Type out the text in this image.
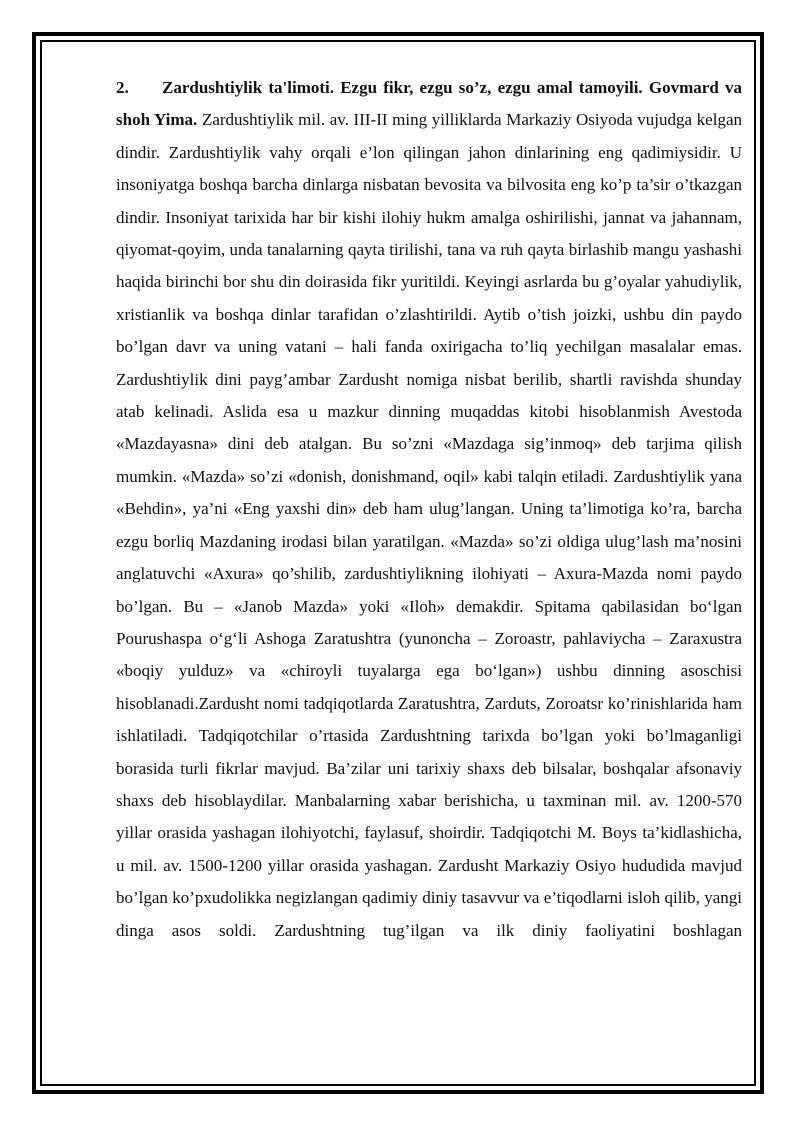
2. Zardushtiylik ta'limoti. Ezgu fikr, ezgu so’z, ezgu amal tamoyili. Govmard va shoh Yima. Zardushtiylik mil. av. III-II ming yilliklarda Markaziy Osiyoda vujudga kelgan dindir. Zardushtiylik vahy orqali e’lon qilingan jahon dinlarining eng qadimiysidir. U insoniyatga boshqa barcha dinlarga nisbatan bevosita va bilvosita eng ko’p ta’sir o’tkazgan dindir. Insoniyat tarixida har bir kishi ilohiy hukm amalga oshirilishi, jannat va jahannam, qiyomat-qoyim, unda tanalarning qayta tirilishi, tana va ruh qayta birlashib mangu yashashi haqida birinchi bor shu din doirasida fikr yuritildi. Keyingi asrlarda bu g’oyalar yahudiylik, xristianlik va boshqa dinlar tarafidan o’zlashtirildi. Aytib o’tish joizki, ushbu din paydo bo’lgan davr va uning vatani – hali fanda oxirigacha to’liq yechilgan masalalar emas. Zardushtiylik dini payg’ambar Zardusht nomiga nisbat berilib, shartli ravishda shunday atab kelinadi. Aslida esa u mazkur dinning muqaddas kitobi hisoblanmish Avestoda «Mazdayasna» dini deb atalgan. Bu so’zni «Mazdaga sig’inmoq» deb tarjima qilish mumkin. «Mazda» so’zi «donish, donishmand, oqil» kabi talqin etiladi. Zardushtiylik yana «Behdin», ya’ni «Eng yaxshi din» deb ham ulug’langan. Uning ta’limotiga ko’ra, barcha ezgu borliq Mazdaning irodasi bilan yaratilgan. «Mazda» so’zi oldiga ulug’lash ma’nosini anglatuvchi «Axura» qo’shilib, zardushtiylikning ilohiyati – Axura-Mazda nomi paydo bo’lgan. Bu – «Janob Mazda» yoki «Iloh» demakdir. Spitama qabilasidan bo‘lgan Pourushaspa o‘g‘li Ashoga Zaratushtra (yunoncha – Zoroastr, pahlaviycha – Zaraxustra «boqiy yulduz» va «chiroyli tuyalarga ega bo‘lgan») ushbu dinning asoschisi hisoblanadi.Zardusht nomi tadqiqotlarda Zaratushtra, Zarduts, Zoroatsr ko’rinishlarida ham ishlatiladi. Tadqiqotchilar o’rtasida Zardushtning tarixda bo’lgan yoki bo’lmaganligi borasida turli fikrlar mavjud. Ba’zilar uni tarixiy shaxs deb bilsalar, boshqalar afsonaviy shaxs deb hisoblaydilar. Manbalarning xabar berishicha, u taxminan mil. av. 1200-570 yillar orasida yashagan ilohiyotchi, faylasuf, shoirdir. Tadqiqotchi M. Boys ta’kidlashicha, u mil. av. 1500-1200 yillar orasida yashagan. Zardusht Markaziy Osiyo hududida mavjud bo’lgan ko’pxudolikka negizlangan qadimiy diniy tasavvur va e’tiqodlarni isloh qilib, yangi dinga asos soldi. Zardushtning tug’ilgan va ilk diniy faoliyatini boshlagan
